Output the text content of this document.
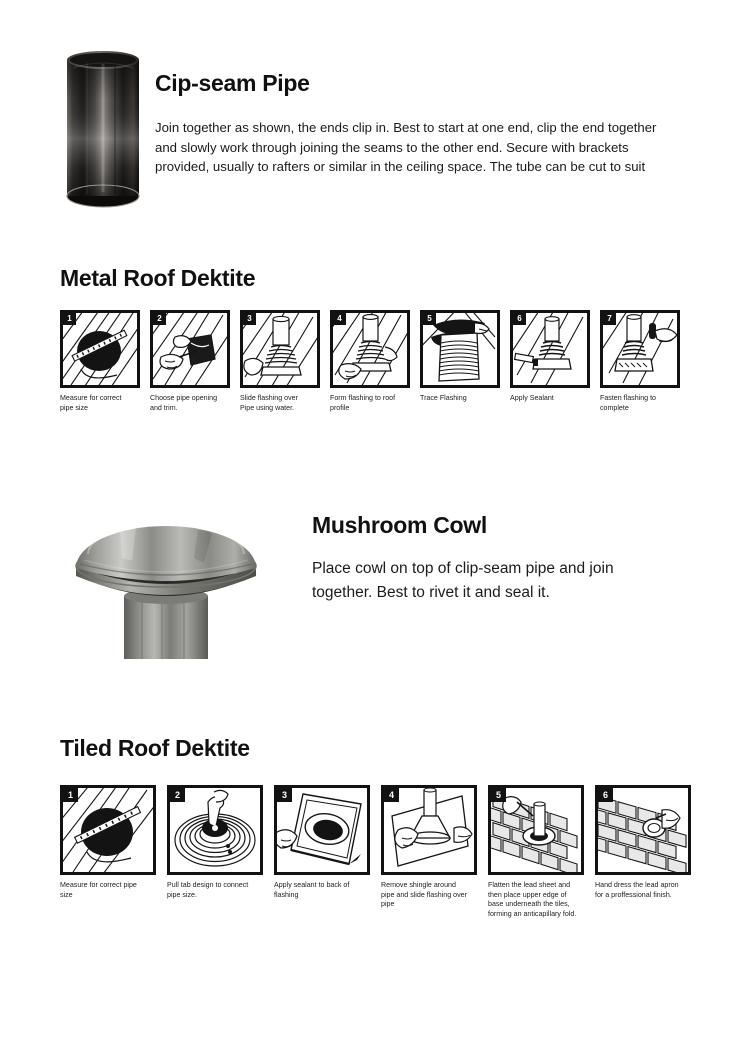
Cip-seam Pipe

Join together as shown, the ends clip in. Best to start at one end, clip the end together and slowly work through joining the seams to the other end. Secure with brackets provided, usually to rafters or similar in the ceiling space. The tube can be cut to suit

Metal Roof Dektite
1
Measure for correct pipe size
2
Choose pipe opening and trim.
3
Slide flashing over Pipe using water.
4
Form flashing to roof profile
5
Trace Flashing
6
Apply Sealant
7
Fasten flashing to complete
Mushroom Cowl

Place cowl on top of clip-seam pipe and join together. Best to rivet it and seal it.

Tiled Roof Dektite
1
Measure for correct pipe size
2
Pull tab design to connect pipe size.
3
Apply sealant to back of flashing
4
Remove shingle around pipe and slide flashing over pipe
5
Flatten the lead sheet and then place upper edge of base underneath the tiles, forming an anticapillary fold.
6
Hand dress the lead apron for a proffessional finish.
